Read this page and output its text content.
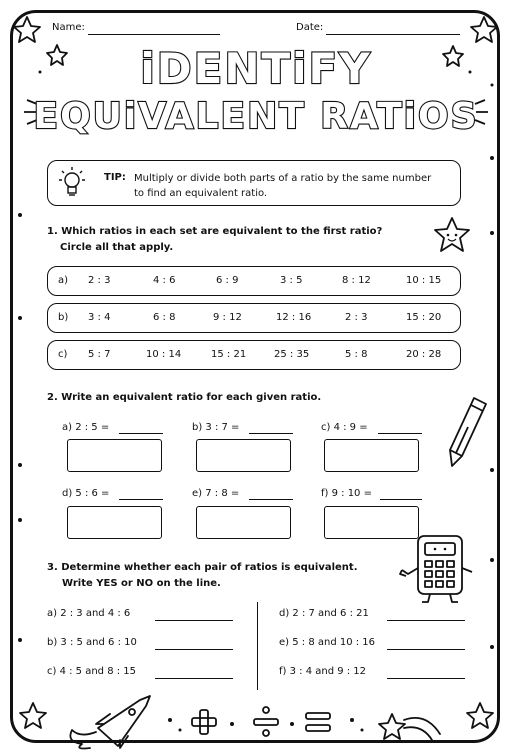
Name:	Date:
iDENTiFY
EQUiVALENT RATiOS
TIP: Multiply or divide both parts of a ratio by the same number to find an equivalent ratio.
1. Which ratios in each set are equivalent to the first ratio?
Circle all that apply.
a) 2 : 3	4 : 6	6 : 9	3 : 5	8 : 12	10 : 15
b) 3 : 4	6 : 8	9 : 12	12 : 16	2 : 3	15 : 20
c) 5 : 7	10 : 14	15 : 21	25 : 35	5 : 8	20 : 28
2. Write an equivalent ratio for each given ratio.
a) 2 : 5 =	b) 3 : 7 =	c) 4 : 9 =
d) 5 : 6 =	e) 7 : 8 =	f) 9 : 10 =
3. Determine whether each pair of ratios is equivalent.
Write YES or NO on the line.
a) 2 : 3 and 4 : 6
b) 3 : 5 and 6 : 10
c) 4 : 5 and 8 : 15
d) 2 : 7 and 6 : 21
e) 5 : 8 and 10 : 16
f) 3 : 4 and 9 : 12
